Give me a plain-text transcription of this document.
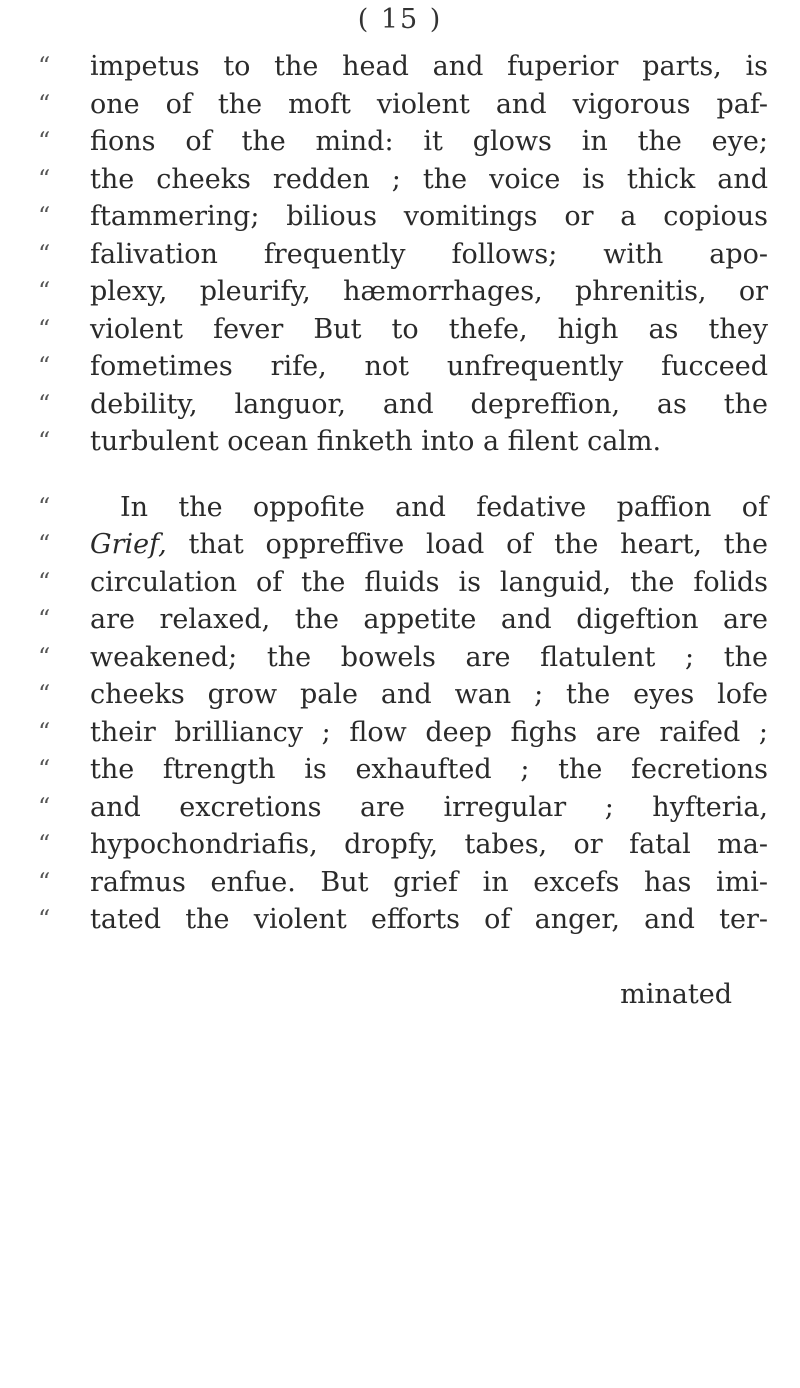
( 15 )
“	impetus to the head and fuperior parts, is
“	one of the moft violent and vigorous paf-
“	fions of the mind: it glows in the eye;
“	the cheeks redden ; the voice is thick and
“	ftammering; bilious vomitings or a copious
“	falivation frequently follows; with apo-
“	plexy, pleurify, hæmorrhages, phrenitis, or
“	violent fever But to thefe, high as they
“	fometimes rife, not unfrequently fucceed
“	debility, languor, and depreffion, as the
“	turbulent ocean finketh into a filent calm.
“	In the oppofite and fedative paffion of
“	Grief, that oppreffive load of the heart, the
“	circulation of the fluids is languid, the folids
“	are relaxed, the appetite and digeftion are
“	weakened; the bowels are flatulent ; the
“	cheeks grow pale and wan ; the eyes lofe
“	their brilliancy ; flow deep fighs are raifed ;
“	the ftrength is exhaufted ; the fecretions
“	and excretions are irregular ; hyfteria,
“	hypochondriafis, dropfy, tabes, or fatal ma-
“	rafmus enfue. But grief in excefs has imi-
“	tated the violent efforts of anger, and ter-
minated
